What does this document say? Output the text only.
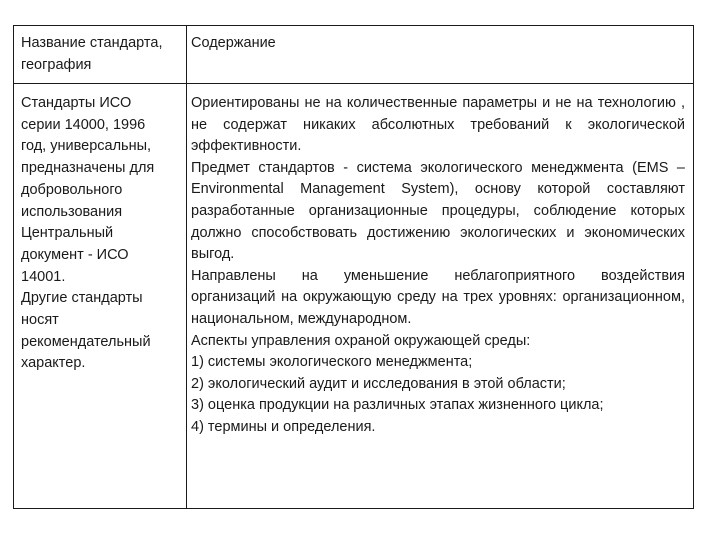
Название стандарта, география
Содержание
Стандарты ИСО
серии 14000, 1996
год, универсальны,
предназначены для
добровольного
использования
Центральный
документ - ИСО
14001.
Другие стандарты
носят
рекомендательный
характер.
Ориентированы не на количественные параметры и не на технологию , не содержат никаких абсолютных требований к экологической эффективности.
Предмет стандартов - система экологического менеджмента (EMS – Environmental Management System), основу которой составляют разработанные организационные процедуры, соблюдение которых должно способствовать достижению экологических и экономических выгод.
Направлены на уменьшение неблагоприятного воздействия организаций на окружающую среду на трех уровнях: организационном, национальном, международном.
Аспекты управления охраной окружающей среды:
1) системы экологического менеджмента;
2) экологический аудит и исследования в этой области;
3) оценка продукции на различных этапах жизненного цикла;
4) термины и определения.
